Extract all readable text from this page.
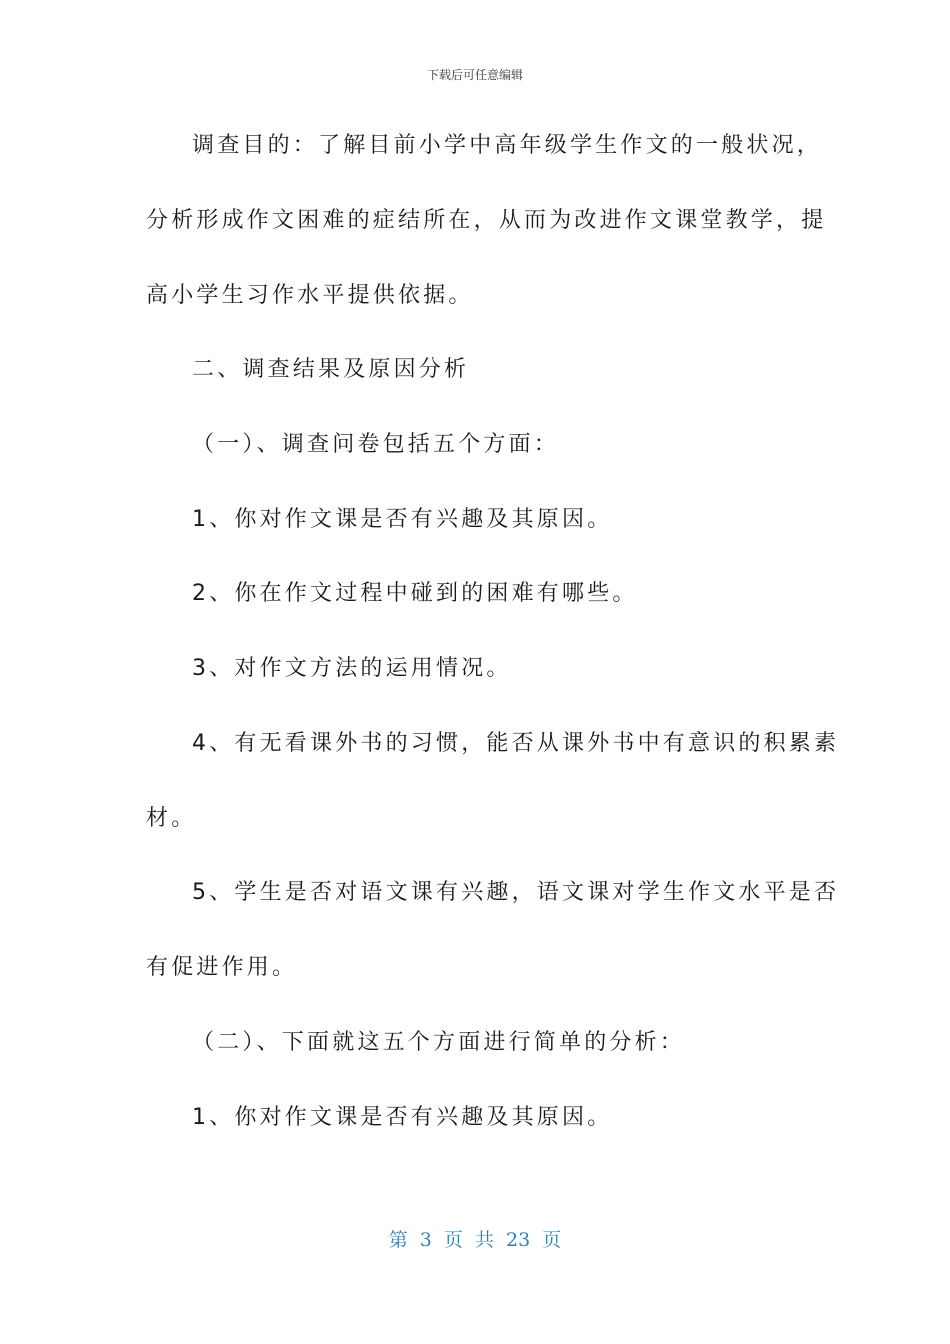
下载后可任意编辑
调查目的：了解目前小学中高年级学生作文的一般状况，
分析形成作文困难的症结所在，从而为改进作文课堂教学，提
高小学生习作水平提供依据。
二、调查结果及原因分析
（一）、调查问卷包括五个方面：
1、你对作文课是否有兴趣及其原因。
2、你在作文过程中碰到的困难有哪些。
3、对作文方法的运用情况。
4、有无看课外书的习惯，能否从课外书中有意识的积累素
材。
5、学生是否对语文课有兴趣，语文课对学生作文水平是否
有促进作用。
（二）、下面就这五个方面进行简单的分析：
1、你对作文课是否有兴趣及其原因。
第 3 页 共 23 页
